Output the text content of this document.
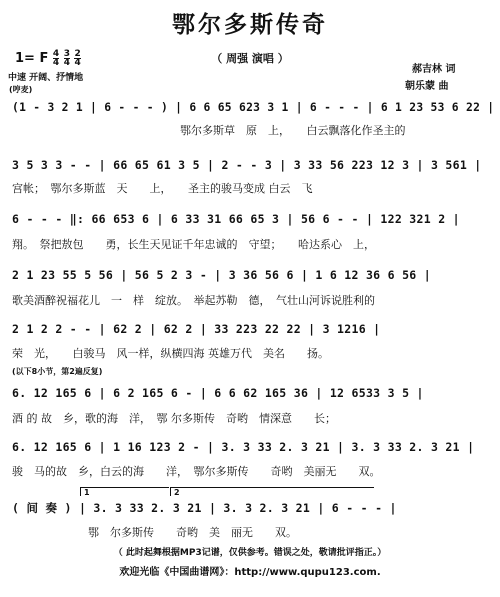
鄂尔多斯传奇
1= F $\frac{4}{4}$
$\frac{3}{4}$
$\frac{2}{4}$	（ 周强 演唱 ）
郝吉林 词
朝乐蒙 曲
中速 开阔、抒情地
(哼麦)
(1 - 3 2 1 | 6 - - - ) | 6 6 65 623 3 1 | 6 - - - | 6 1 23 53 6 22 |
鄂尔多斯草　原　上，　　白云飘落化作圣主的
3 5 3 3 - - | 66 65 61 3 5 | 2 - - 3 | 3 33 56 223 12 3 | 3 561 |
宫帐；　鄂尔多斯蓝　天　　上，　　圣主的骏马变成 白云　飞
6 - - - ‖: 66 653 6 | 6 33 31 66 65 3 | 56 6 - - | 122 321 2 |
翔。　祭把敖包　　勇，长生天见证千年忠诚的　守望；　　哈达系心　上，
2 1 23 55 5 56 | 56 5 2 3 - | 3 36 56 6 | 1 6 12 36 6 56 |
歌美酒醉祝福花儿　一　样　绽放。　举起苏勒　德，　气壮山河诉说胜利的
2 1 2 2 - - | 62 2 | 62 2 | 33 223 22 22 | 3 1216 |
荣　光，　　白骏马　风一样，纵横四海 英雄万代　美名　　扬。
(以下8小节，第2遍反复)
6. 12 165 6 | 6 2 165 6 - | 6 6 62 165 36 | 12 6533 3 5 |
酒 的 故　乡，歌的海　洋，　鄂 尔多斯传　奇哟　情深意　　长；
6. 12 165 6 | 1 16 123 2 - | 3. 3 33 2. 3 21 | 3. 3 33 2. 3 21 |
骏　马的故　乡，白云的海　　洋，　鄂尔多斯传　　奇哟　美丽无　　双。
1	2
( 间 奏 ) | 3. 3 33 2. 3 21 | 3. 3 2. 3 21 | 6 - - - |
鄂　尔多斯传　　奇哟　美　丽无　　双。
（ 此时起舞根据MP3记谱，仅供参考。错误之处，敬请批评指正。）
欢迎光临《中国曲谱网》：http://www.qupu123.com.
